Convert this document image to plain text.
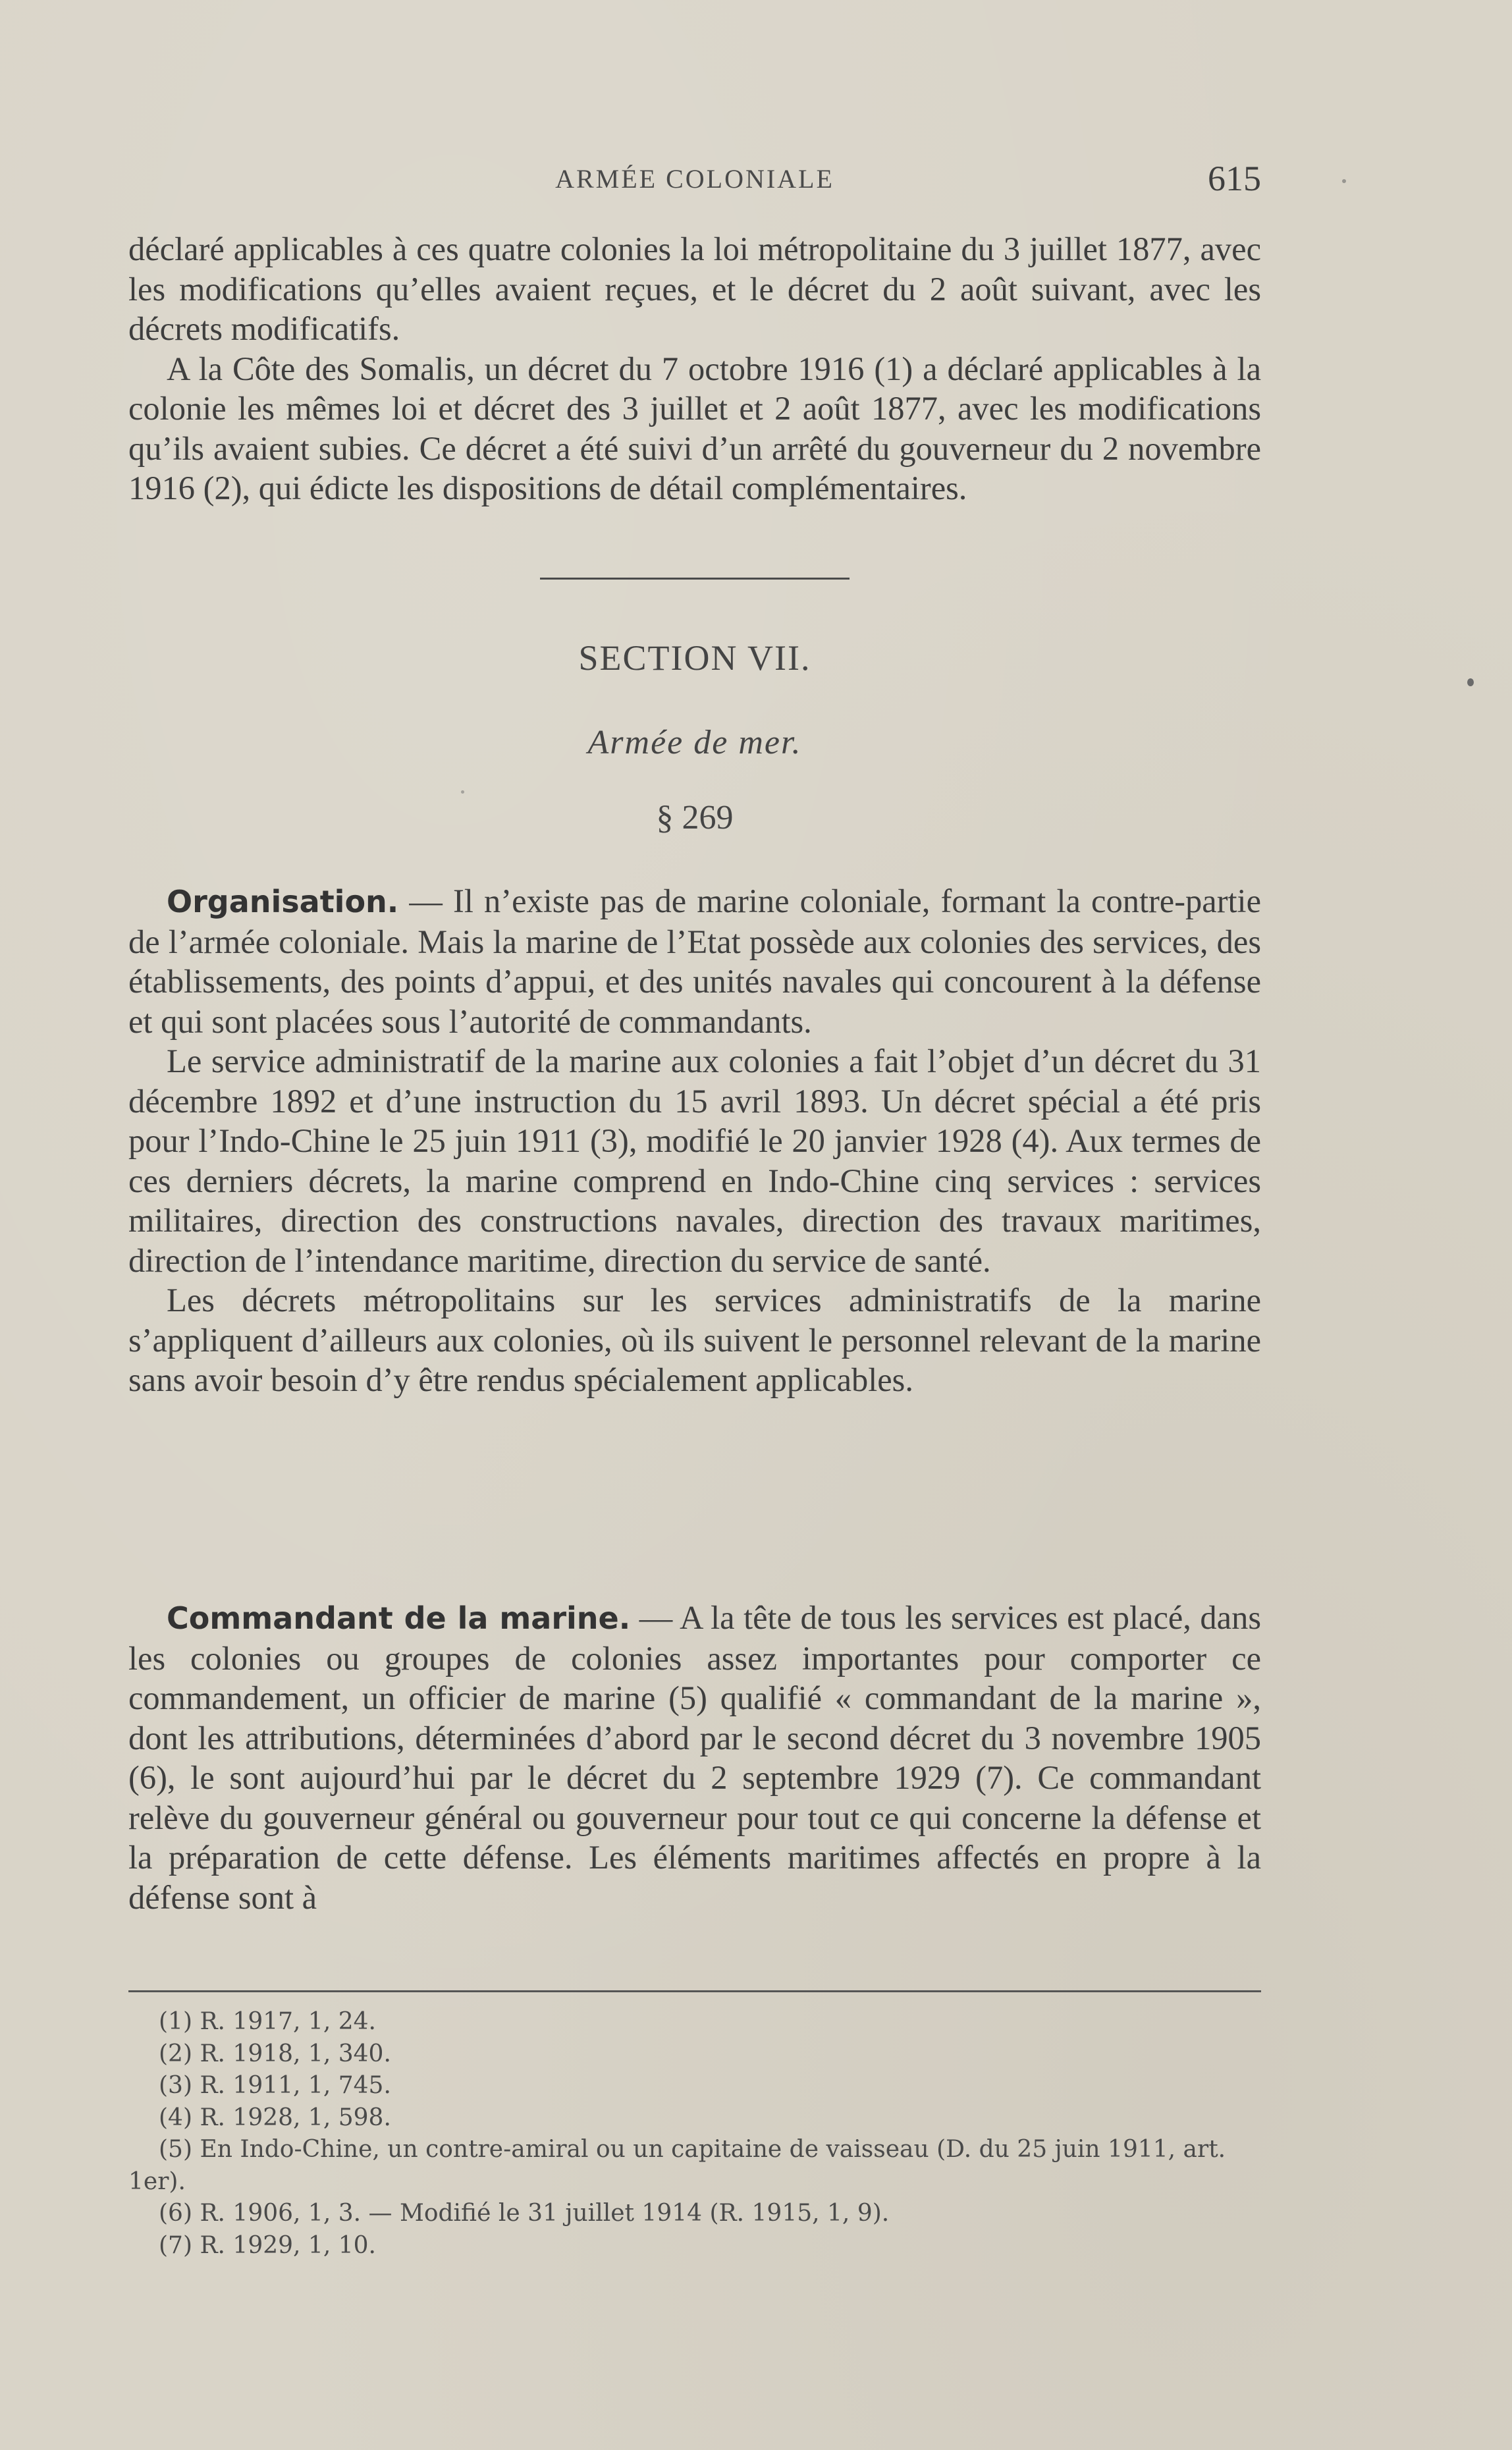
ARMÉE COLONIALE	615

déclaré applicables à ces quatre colonies la loi métropolitaine du 3 juillet 1877, avec les modifications qu’elles avaient reçues, et le décret du 2 août suivant, avec les décrets modificatifs.

A la Côte des Somalis, un décret du 7 octobre 1916 (1) a déclaré applicables à la colonie les mêmes loi et décret des 3 juillet et 2 août 1877, avec les modifications qu’ils avaient subies. Ce décret a été suivi d’un arrêté du gouverneur du 2 novembre 1916 (2), qui édicte les dispositions de détail complémentaires.

SECTION VII.
Armée de mer.
§ 269

Organisation. — Il n’existe pas de marine coloniale, formant la contre-partie de l’armée coloniale. Mais la marine de l’Etat possède aux colonies des services, des établissements, des points d’appui, et des unités navales qui concourent à la défense et qui sont placées sous l’autorité de commandants.

Le service administratif de la marine aux colonies a fait l’objet d’un décret du 31 décembre 1892 et d’une instruction du 15 avril 1893. Un décret spécial a été pris pour l’Indo-Chine le 25 juin 1911 (3), modifié le 20 janvier 1928 (4). Aux termes de ces derniers décrets, la marine comprend en Indo-Chine cinq services : services militaires, direction des constructions navales, direction des travaux maritimes, direction de l’intendance maritime, direction du service de santé.

Les décrets métropolitains sur les services administratifs de la marine s’appliquent d’ailleurs aux colonies, où ils suivent le personnel relevant de la marine sans avoir besoin d’y être rendus spécialement applicables.

Commandant de la marine. — A la tête de tous les services est placé, dans les colonies ou groupes de colonies assez importantes pour comporter ce commandement, un officier de marine (5) qualifié « commandant de la marine », dont les attributions, déterminées d’abord par le second décret du 3 novembre 1905 (6), le sont aujourd’hui par le décret du 2 septembre 1929 (7). Ce commandant relève du gouverneur général ou gouverneur pour tout ce qui concerne la défense et la préparation de cette défense. Les éléments maritimes affectés en propre à la défense sont à

(1) R. 1917, 1, 24.

(2) R. 1918, 1, 340.

(3) R. 1911, 1, 745.

(4) R. 1928, 1, 598.

(5) En Indo-Chine, un contre-amiral ou un capitaine de vaisseau (D. du 25 juin 1911, art. 1er).

(6) R. 1906, 1, 3. — Modifié le 31 juillet 1914 (R. 1915, 1, 9).

(7) R. 1929, 1, 10.
